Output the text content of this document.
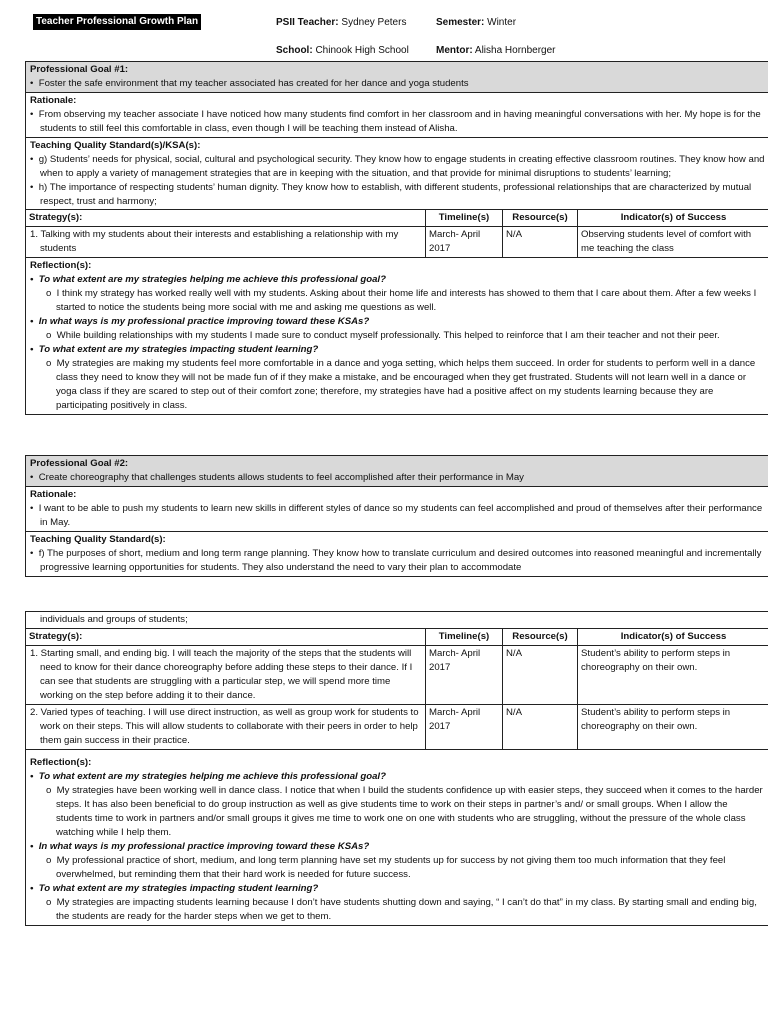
Teacher Professional Growth Plan	PSII Teacher: Sydney Peters	Semester: Winter
School: Chinook High School	Mentor: Alisha Hornberger
Professional Goal #1:
•  Foster the safe environment that my teacher associated has created for her dance and yoga students
Rationale:
•  From observing my teacher associate I have noticed how many students find comfort in her classroom and in having meaningful conversations with her. My hope is for the students to still feel this comfortable in class, even though I will be teaching them instead of Alisha.
Teaching Quality Standard(s)/KSA(s):
•  g) Students’ needs for physical, social, cultural and psychological security. They know how to engage students in creating effective classroom routines. They know how and when to apply a variety of management strategies that are in keeping with the situation, and that provide for minimal disruptions to students’ learning;
•  h) The importance of respecting students’ human dignity. They know how to establish, with different students, professional relationships that are characterized by mutual respect, trust and harmony;
Strategy(s):	Timeline(s)	Resource(s)	Indicator(s) of Success
1. Talking with my students about their interests and establishing a relationship with my students	March- April 2017	N/A	Observing students level of comfort with me teaching the class
Reflection(s):
•  To what extent are my strategies helping me achieve this professional goal?
o  I think my strategy has worked really well with my students. Asking about their home life and interests has showed to them that I care about them. After a few weeks I started to notice the students being more social with me and asking me questions as well.
•  In what ways is my professional practice improving toward these KSAs?
o  While building relationships with my students I made sure to conduct myself professionally. This helped to reinforce that I am their teacher and not their peer.
•  To what extent are my strategies impacting student learning?
o  My strategies are making my students feel more comfortable in a dance and yoga setting, which helps them succeed. In order for students to perform well in a dance class they need to know they will not be made fun of if they make a mistake, and be encouraged when they get frustrated. Students will not learn well in a dance or yoga class if they are scared to step out of their comfort zone; therefore, my strategies have had a positive affect on my students learning because they are participating positively in class.
Professional Goal #2:
•  Create choreography that challenges students allows students to feel accomplished after their performance in May
Rationale:
•  I want to be able to push my students to learn new skills in different styles of dance so my students can feel accomplished and proud of themselves after their performance in May.
Teaching Quality Standard(s):
•  f) The purposes of short, medium and long term range planning. They know how to translate curriculum and desired outcomes into reasoned meaningful and incrementally progressive learning opportunities for students. They also understand the need to vary their plan to accommodate
individuals and groups of students;
Strategy(s):	Timeline(s)	Resource(s)	Indicator(s) of Success
1. Starting small, and ending big. I will teach the majority of the steps that the students will need to know for their dance choreography before adding these steps to their dance. If I can see that students are struggling with a particular step, we will spend more time working on the step before adding it to their dance.	March- April 2017	N/A	Student’s ability to perform steps in choreography on their own.
2. Varied types of teaching. I will use direct instruction, as well as group work for students to work on their steps. This will allow students to collaborate with their peers in order to help them gain success in their practice.	March- April 2017	N/A	Student’s ability to perform steps in choreography on their own.
Reflection(s):
•  To what extent are my strategies helping me achieve this professional goal?
o  My strategies have been working well in dance class. I notice that when I build the students confidence up with easier steps, they succeed when it comes to the harder steps. It has also been beneficial to do group instruction as well as give students time to work on their steps in partner’s and/ or small groups. When I allow the students time to work in partners and/or small groups it gives me time to work one on one with students who are struggling, without the pressure of the whole class watching while I help them.
•  In what ways is my professional practice improving toward these KSAs?
o  My professional practice of short, medium, and long term planning have set my students up for success by not giving them too much information that they feel overwhelmed, but reminding them that their hard work is needed for future success.
•  To what extent are my strategies impacting student learning?
o  My strategies are impacting students learning because I don’t have students shutting down and saying, “ I can’t do that” in my class. By starting small and ending big, the students are ready for the harder steps when we get to them.
